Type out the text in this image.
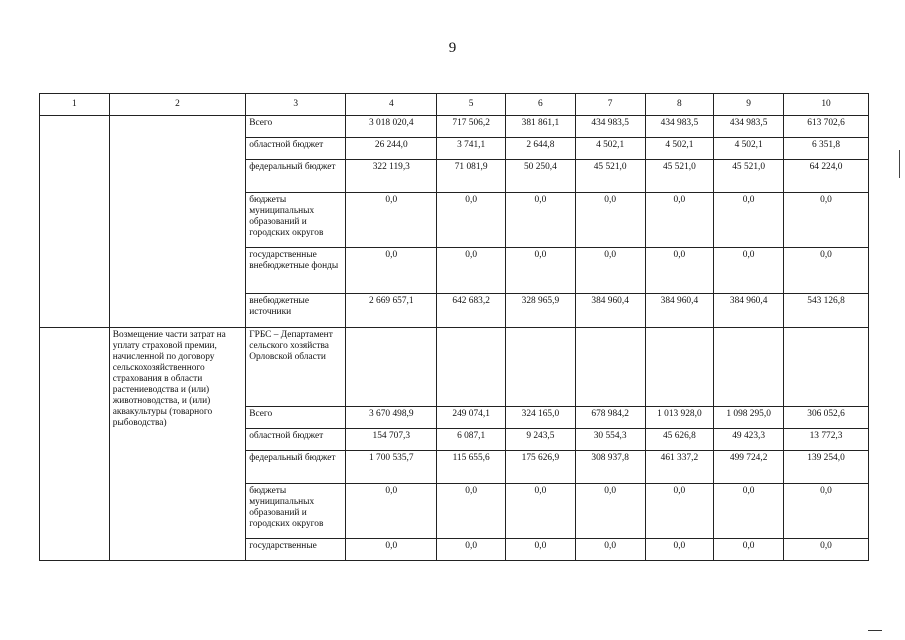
9
1	2	3	4	5	6	7	8	9	10
		Всего	3 018 020,4	717 506,2	381 861,1	434 983,5	434 983,5	434 983,5	613 702,6
		областной бюджет	26 244,0	3 741,1	2 644,8	4 502,1	4 502,1	4 502,1	6 351,8
		федеральный бюджет	322 119,3	71 081,9	50 250,4	45 521,0	45 521,0	45 521,0	64 224,0
		бюджеты муниципальных образований и городских округов	0,0	0,0	0,0	0,0	0,0	0,0	0,0
		государственные внебюджетные фонды	0,0	0,0	0,0	0,0	0,0	0,0	0,0
		внебюджетные источники	2 669 657,1	642 683,2	328 965,9	384 960,4	384 960,4	384 960,4	543 126,8
	Возмещение части затрат на уплату страховой премии, начисленной по договору сельскохозяйственного страхования в области растениеводства и (или) животноводства, и (или) аквакультуры (товарного рыбоводства)	ГРБС – Департамент сельского хозяйства Орловской области							
		Всего	3 670 498,9	249 074,1	324 165,0	678 984,2	1 013 928,0	1 098 295,0	306 052,6
		областной бюджет	154 707,3	6 087,1	9 243,5	30 554,3	45 626,8	49 423,3	13 772,3
		федеральный бюджет	1 700 535,7	115 655,6	175 626,9	308 937,8	461 337,2	499 724,2	139 254,0
		бюджеты муниципальных образований и городских округов	0,0	0,0	0,0	0,0	0,0	0,0	0,0
		государственные	0,0	0,0	0,0	0,0	0,0	0,0	0,0
